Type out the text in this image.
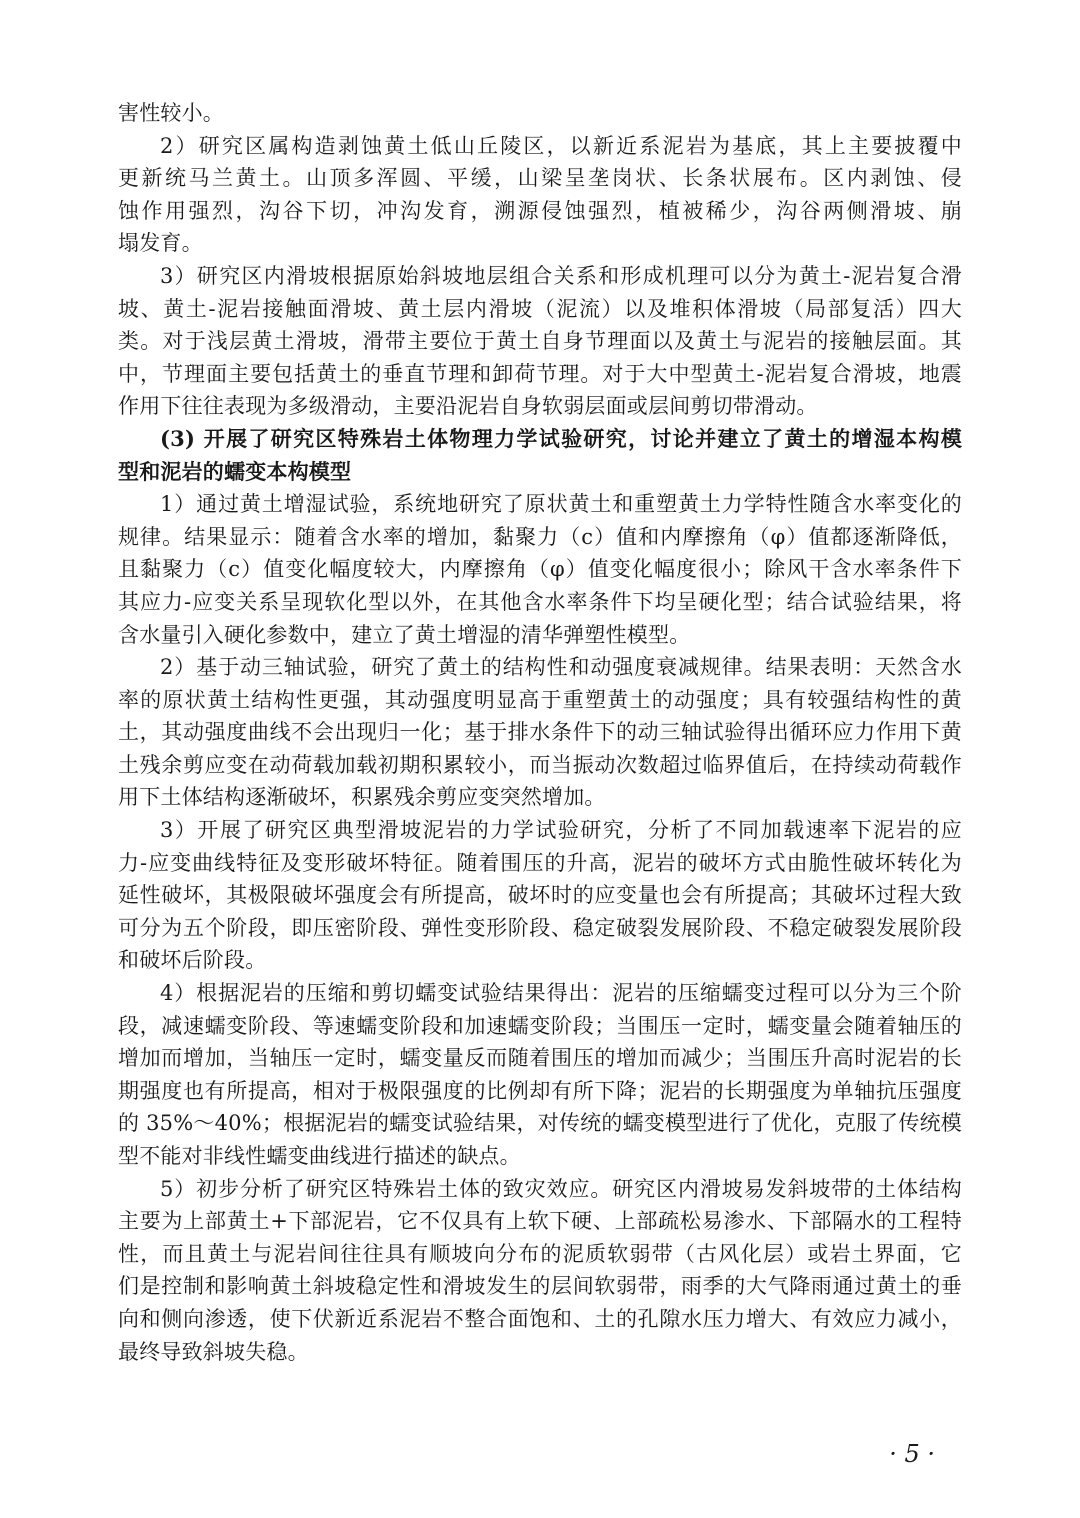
害性较小。
2）研究区属构造剥蚀黄土低山丘陵区，以新近系泥岩为基底，其上主要披覆中
更新统马兰黄土。山顶多浑圆、平缓，山梁呈垄岗状、长条状展布。区内剥蚀、侵
蚀作用强烈，沟谷下切，冲沟发育，溯源侵蚀强烈，植被稀少，沟谷两侧滑坡、崩
塌发育。
3）研究区内滑坡根据原始斜坡地层组合关系和形成机理可以分为黄土-泥岩复合滑
坡、黄土-泥岩接触面滑坡、黄土层内滑坡（泥流）以及堆积体滑坡（局部复活）四大
类。对于浅层黄土滑坡，滑带主要位于黄土自身节理面以及黄土与泥岩的接触层面。其
中，节理面主要包括黄土的垂直节理和卸荷节理。对于大中型黄土-泥岩复合滑坡，地震
作用下往往表现为多级滑动，主要沿泥岩自身软弱层面或层间剪切带滑动。
(3) 开展了研究区特殊岩土体物理力学试验研究，讨论并建立了黄土的增湿本构模
型和泥岩的蠕变本构模型
1）通过黄土增湿试验，系统地研究了原状黄土和重塑黄土力学特性随含水率变化的
规律。结果显示：随着含水率的增加，黏聚力（c）值和内摩擦角（φ）值都逐渐降低，
且黏聚力（c）值变化幅度较大，内摩擦角（φ）值变化幅度很小；除风干含水率条件下
其应力-应变关系呈现软化型以外，在其他含水率条件下均呈硬化型；结合试验结果，将
含水量引入硬化参数中，建立了黄土增湿的清华弹塑性模型。
2）基于动三轴试验，研究了黄土的结构性和动强度衰减规律。结果表明：天然含水
率的原状黄土结构性更强，其动强度明显高于重塑黄土的动强度；具有较强结构性的黄
土，其动强度曲线不会出现归一化；基于排水条件下的动三轴试验得出循环应力作用下黄
土残余剪应变在动荷载加载初期积累较小，而当振动次数超过临界值后，在持续动荷载作
用下土体结构逐渐破坏，积累残余剪应变突然增加。
3）开展了研究区典型滑坡泥岩的力学试验研究，分析了不同加载速率下泥岩的应
力-应变曲线特征及变形破坏特征。随着围压的升高，泥岩的破坏方式由脆性破坏转化为
延性破坏，其极限破坏强度会有所提高，破坏时的应变量也会有所提高；其破坏过程大致
可分为五个阶段，即压密阶段、弹性变形阶段、稳定破裂发展阶段、不稳定破裂发展阶段
和破坏后阶段。
4）根据泥岩的压缩和剪切蠕变试验结果得出：泥岩的压缩蠕变过程可以分为三个阶
段，减速蠕变阶段、等速蠕变阶段和加速蠕变阶段；当围压一定时，蠕变量会随着轴压的
增加而增加，当轴压一定时，蠕变量反而随着围压的增加而减少；当围压升高时泥岩的长
期强度也有所提高，相对于极限强度的比例却有所下降；泥岩的长期强度为单轴抗压强度
的 35%～40%；根据泥岩的蠕变试验结果，对传统的蠕变模型进行了优化，克服了传统模
型不能对非线性蠕变曲线进行描述的缺点。
5）初步分析了研究区特殊岩土体的致灾效应。研究区内滑坡易发斜坡带的土体结构
主要为上部黄土+下部泥岩，它不仅具有上软下硬、上部疏松易渗水、下部隔水的工程特
性，而且黄土与泥岩间往往具有顺坡向分布的泥质软弱带（古风化层）或岩土界面，它
们是控制和影响黄土斜坡稳定性和滑坡发生的层间软弱带，雨季的大气降雨通过黄土的垂
向和侧向渗透，使下伏新近系泥岩不整合面饱和、土的孔隙水压力增大、有效应力减小，
最终导致斜坡失稳。
· 5 ·
